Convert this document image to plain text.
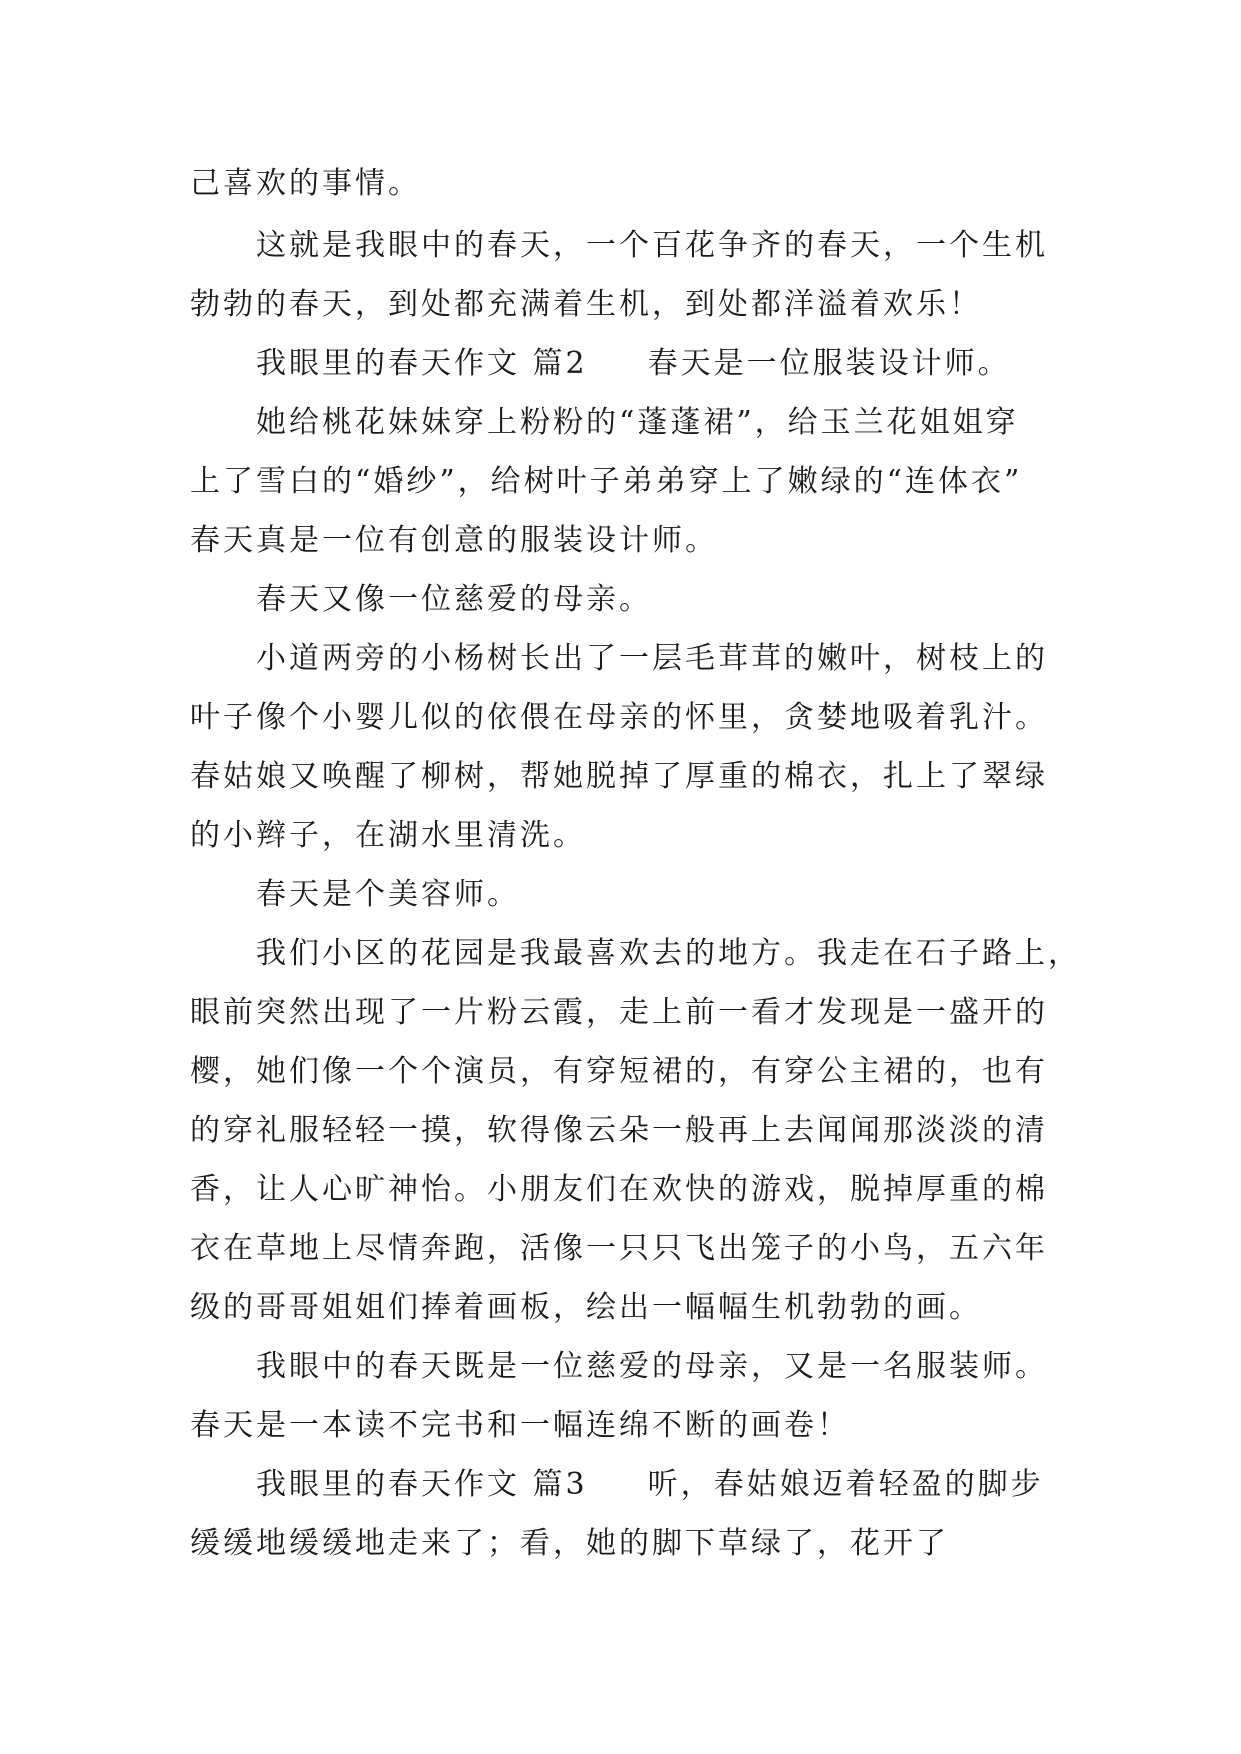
己喜欢的事情。
这就是我眼中的春天，一个百花争齐的春天，一个生机
勃勃的春天，到处都充满着生机，到处都洋溢着欢乐！
我眼里的春天作文 篇2 春天是一位服装设计师。
她给桃花妹妹穿上粉粉的“蓬蓬裙”，给玉兰花姐姐穿
上了雪白的“婚纱”，给树叶子弟弟穿上了嫩绿的“连体衣”
春天真是一位有创意的服装设计师。
春天又像一位慈爱的母亲。
小道两旁的小杨树长出了一层毛茸茸的嫩叶，树枝上的
叶子像个小婴儿似的依偎在母亲的怀里，贪婪地吸着乳汁。
春姑娘又唤醒了柳树，帮她脱掉了厚重的棉衣，扎上了翠绿
的小辫子，在湖水里清洗。
春天是个美容师。
我们小区的花园是我最喜欢去的地方。我走在石子路上，
眼前突然出现了一片粉云霞，走上前一看才发现是一盛开的
樱，她们像一个个演员，有穿短裙的，有穿公主裙的，也有
的穿礼服轻轻一摸，软得像云朵一般再上去闻闻那淡淡的清
香，让人心旷神怡。小朋友们在欢快的游戏，脱掉厚重的棉
衣在草地上尽情奔跑，活像一只只飞出笼子的小鸟，五六年
级的哥哥姐姐们捧着画板，绘出一幅幅生机勃勃的画。
我眼中的春天既是一位慈爱的母亲，又是一名服装师。
春天是一本读不完书和一幅连绵不断的画卷！
我眼里的春天作文 篇3 听，春姑娘迈着轻盈的脚步
缓缓地缓缓地走来了；看，她的脚下草绿了，花开了
